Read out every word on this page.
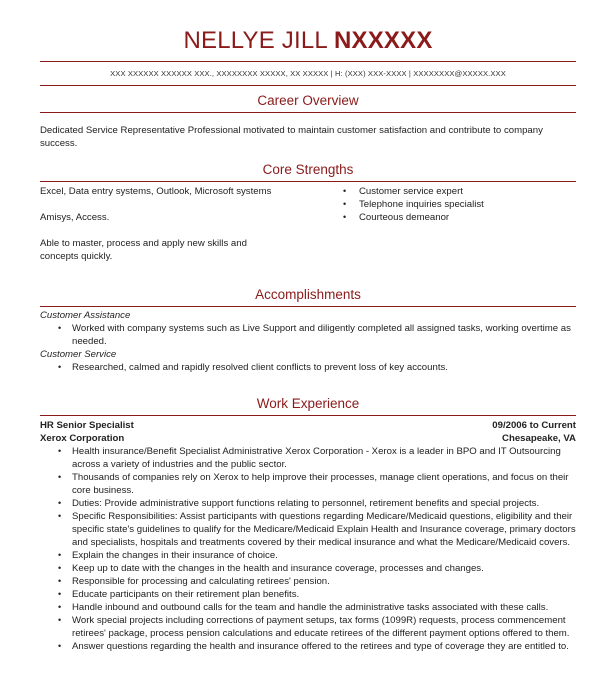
NELLYE JILL NXXXXX
XXX XXXXXX XXXXXX XXX., XXXXXXXX XXXXX, XX XXXXX | H: (XXX) XXX-XXXX | XXXXXXXX@XXXXX.XXX
Career Overview
Dedicated Service Representative Professional motivated to maintain customer satisfaction and contribute to company success.
Core Strengths
Excel, Data entry systems, Outlook, Microsoft systems
Amisys, Access.
Able to master, process and apply new skills and concepts quickly.
• Customer service expert
• Telephone inquiries specialist
• Courteous demeanor
Accomplishments
Customer Assistance
• Worked with company systems such as Live Support and diligently completed all assigned tasks, working overtime as needed.
Customer Service
• Researched, calmed and rapidly resolved client conflicts to prevent loss of key accounts.
Work Experience
HR Senior Specialist	09/2006 to Current
Xerox Corporation	Chesapeake, VA
• Health insurance/Benefit Specialist Administrative Xerox Corporation - Xerox is a leader in BPO and IT Outsourcing across a variety of industries and the public sector.
• Thousands of companies rely on Xerox to help improve their processes, manage client operations, and focus on their core business.
• Duties: Provide administrative support functions relating to personnel, retirement benefits and special projects.
• Specific Responsibilities: Assist participants with questions regarding Medicare/Medicaid questions, eligibility and their specific state's guidelines to qualify for the Medicare/Medicaid Explain Health and Insurance coverage, primary doctors and specialists, hospitals and treatments covered by their medical insurance and what the Medicare/Medicaid covers.
• Explain the changes in their insurance of choice.
• Keep up to date with the changes in the health and insurance coverage, processes and changes.
• Responsible for processing and calculating retirees' pension.
• Educate participants on their retirement plan benefits.
• Handle inbound and outbound calls for the team and handle the administrative tasks associated with these calls.
• Work special projects including corrections of payment setups, tax forms (1099R) requests, process commencement retirees' package, process pension calculations and educate retirees of the different payment options offered to them.
• Answer questions regarding the health and insurance offered to the retirees and type of coverage they are entitled to.
